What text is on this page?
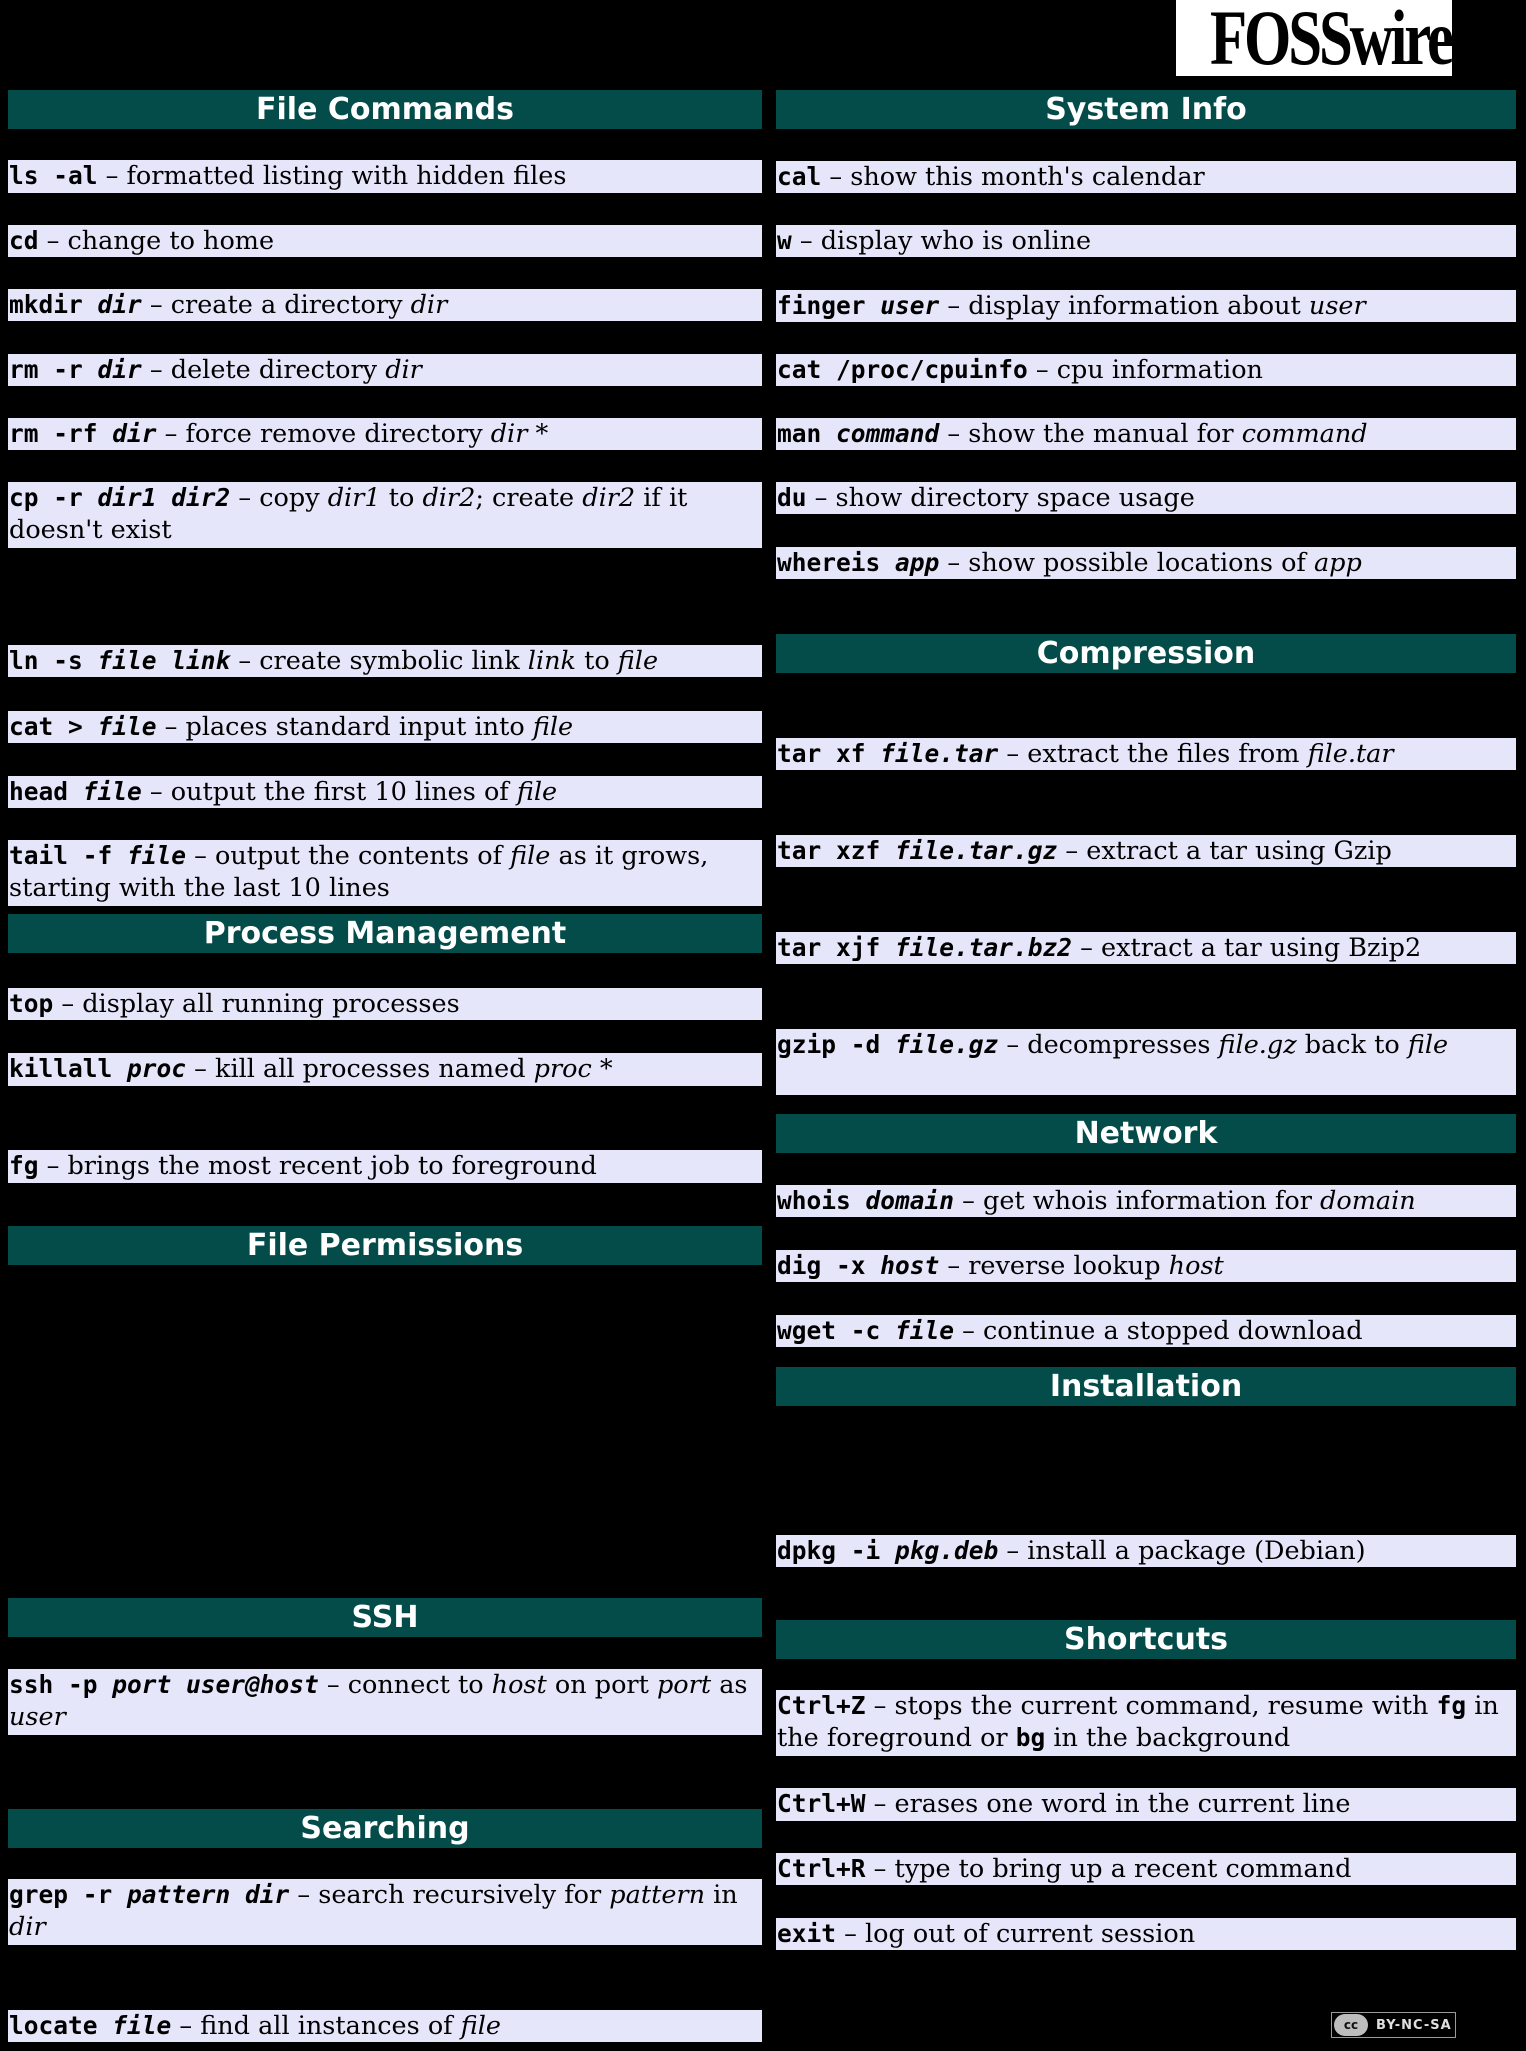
FOSSwire
File Commands
ls -al – formatted listing with hidden files
cd – change to home
mkdir dir – create a directory dir
rm -r dir – delete directory dir
rm -rf dir – force remove directory dir *
cp -r dir1 dir2 – copy dir1 to dir2; create dir2 if it doesn't exist
ln -s file link – create symbolic link link to file
cat > file – places standard input into file
head file – output the first 10 lines of file
tail -f file – output the contents of file as it grows, starting with the last 10 lines
Process Management
top – display all running processes
killall proc – kill all processes named proc *
fg – brings the most recent job to foreground
File Permissions
SSH
ssh -p port user@host – connect to host on port port as user
Searching
grep -r pattern dir – search recursively for pattern in dir
locate file – find all instances of file
System Info
cal – show this month's calendar
w – display who is online
finger user – display information about user
cat /proc/cpuinfo – cpu information
man command – show the manual for command
du – show directory space usage
whereis app – show possible locations of app
Compression
tar xf file.tar – extract the files from file.tar
tar xzf file.tar.gz – extract a tar using Gzip
tar xjf file.tar.bz2 – extract a tar using Bzip2
gzip -d file.gz – decompresses file.gz back to file
Network
whois domain – get whois information for domain
dig -x host – reverse lookup host
wget -c file – continue a stopped download
Installation
dpkg -i pkg.deb – install a package (Debian)
Shortcuts
Ctrl+Z – stops the current command, resume with fg in the foreground or bg in the background
Ctrl+W – erases one word in the current line
Ctrl+R – type to bring up a recent command
exit – log out of current session
cc	BY-NC-SA
